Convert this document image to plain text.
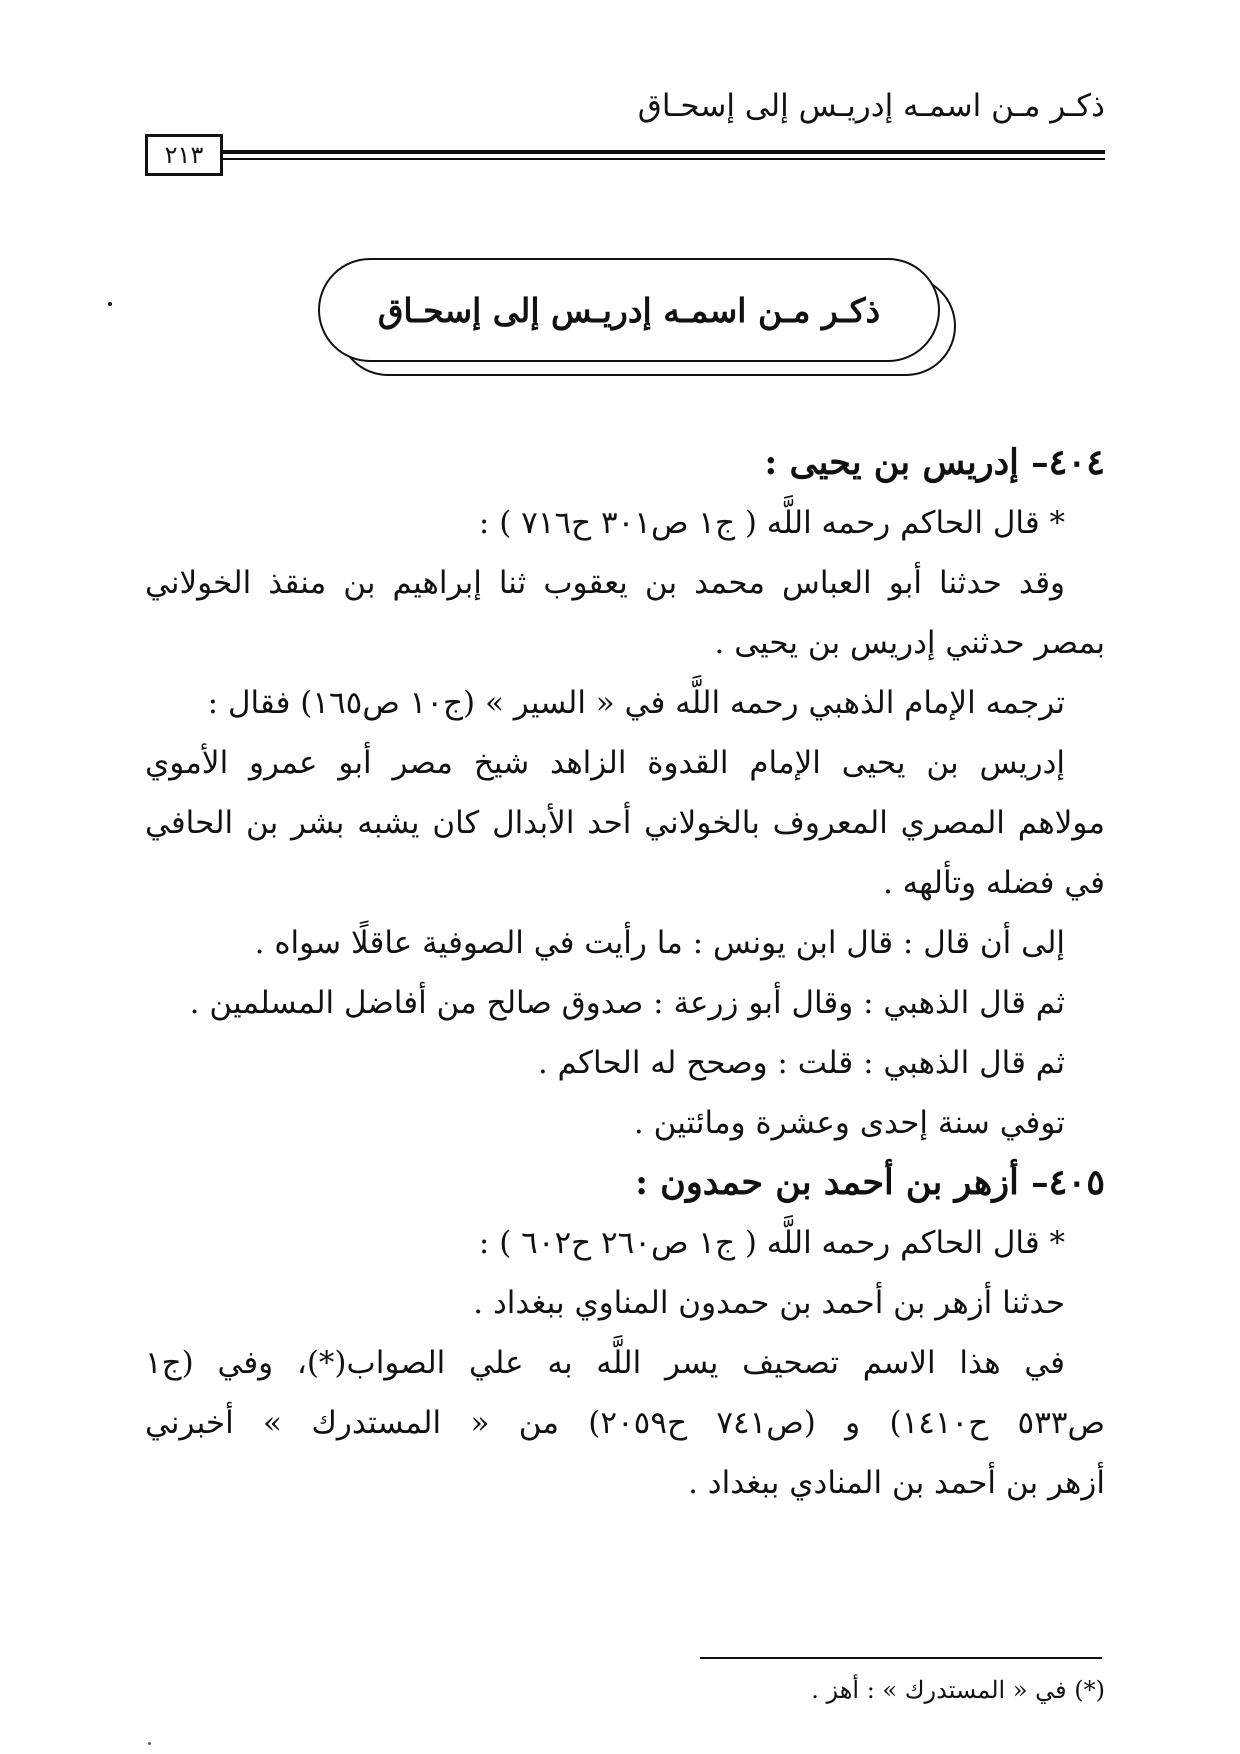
ذكـر مـن اسمـه إدريـس إلى إسحـاق
٢١٣
ذكـر مـن اسمـه إدريـس إلى إسحـاق
٤٠٤– إدريس بن يحيى :
* قال الحاكم رحمه اللَّه ( ج١ ص٣٠١ ح٧١٦ ) :
وقد حدثنا أبو العباس محمد بن يعقوب ثنا إبراهيم بن منقذ الخولاني
بمصر حدثني إدريس بن يحيى .
ترجمه الإمام الذهبي رحمه اللَّه في « السير » (ج١٠ ص١٦٥) فقال :
إدريس بن يحيى الإمام القدوة الزاهد شيخ مصر أبو عمرو الأموي
مولاهم المصري المعروف بالخولاني أحد الأبدال كان يشبه بشر بن الحافي
في فضله وتألهه .
إلى أن قال : قال ابن يونس : ما رأيت في الصوفية عاقلًا سواه .
ثم قال الذهبي : وقال أبو زرعة : صدوق صالح من أفاضل المسلمين .
ثم قال الذهبي : قلت : وصحح له الحاكم .
توفي سنة إحدى وعشرة ومائتين .
٤٠٥– أزهر بن أحمد بن حمدون :
* قال الحاكم رحمه اللَّه ( ج١ ص٢٦٠ ح٦٠٢ ) :
حدثنا أزهر بن أحمد بن حمدون المناوي ببغداد .
في هذا الاسم تصحيف يسر اللَّه به علي الصواب(*)، وفي (ج١
ص٥٣٣ ح١٤١٠) و (ص٧٤١ ح٢٠٥٩) من « المستدرك » أخبرني
أزهر بن أحمد بن المنادي ببغداد .
(*) في « المستدرك » : أهز .
